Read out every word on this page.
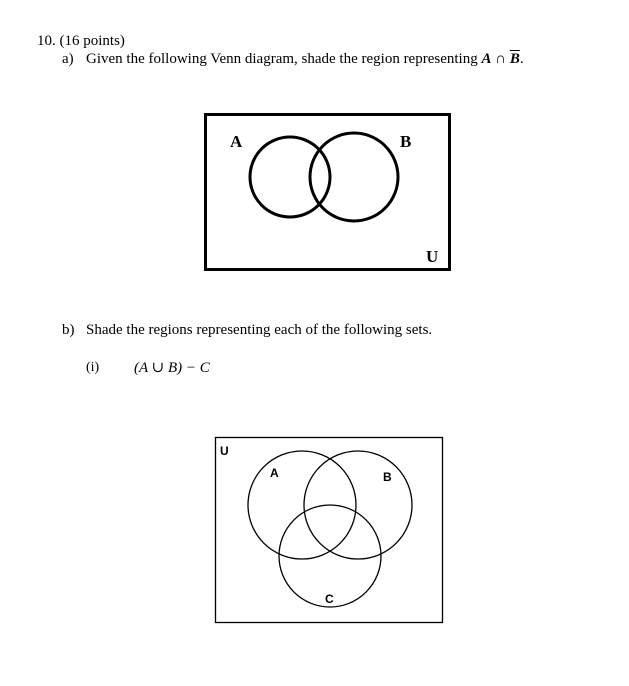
10. (16 points)
a) Given the following Venn diagram, shade the region representing A ∩ $\overline{B}$.
A	B
U
U
A	B
C
b) Shade the regions representing each of the following sets.
(i) (A ∪ B) − C
